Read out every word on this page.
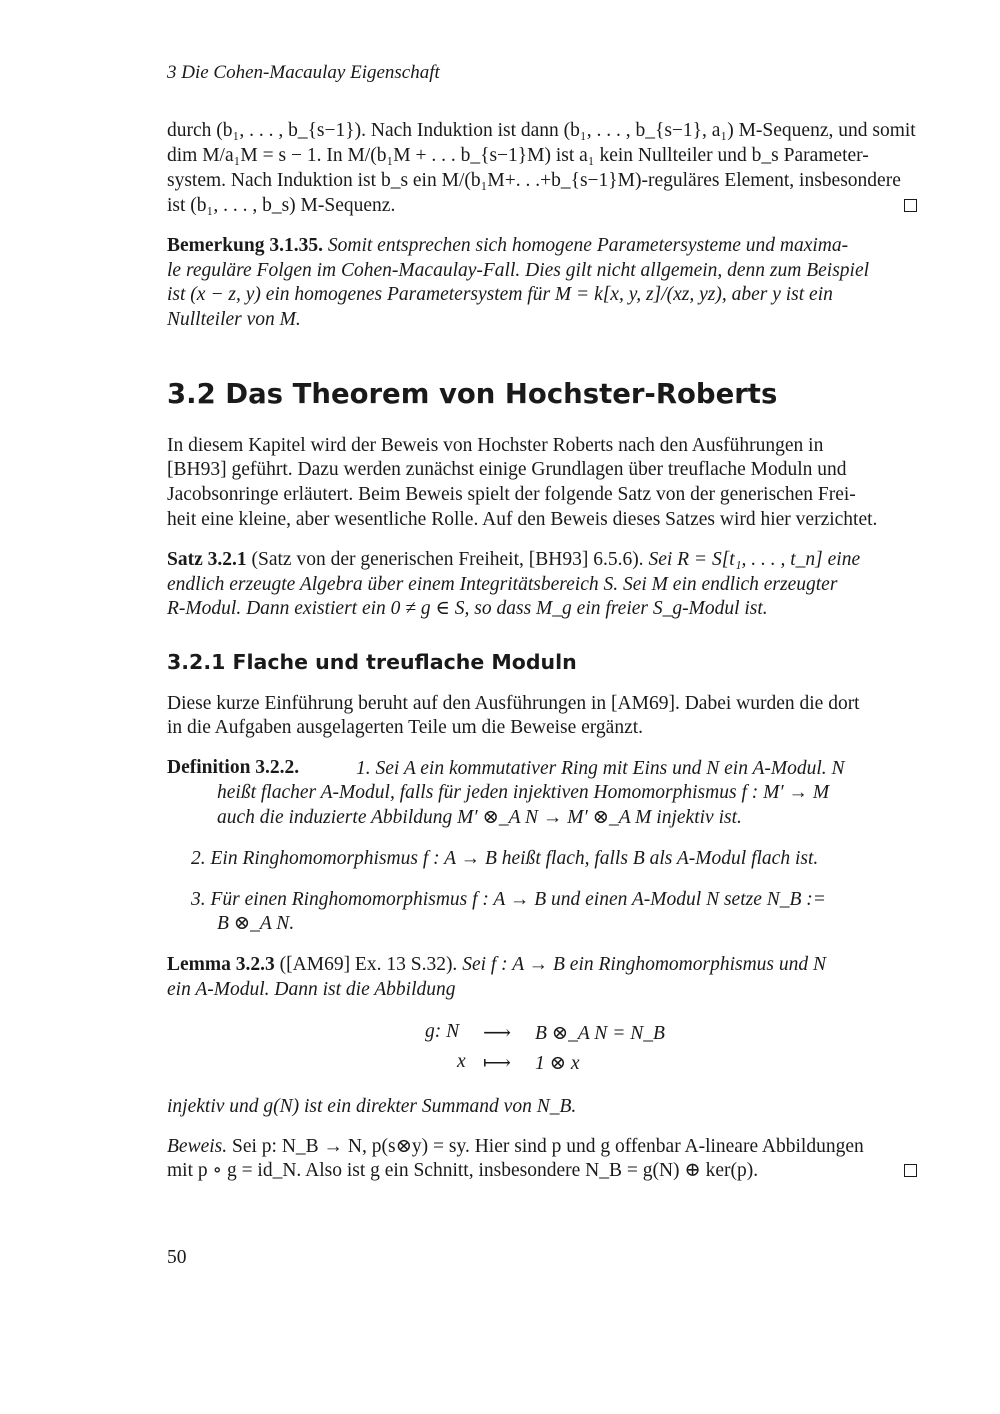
3 Die Cohen-Macaulay Eigenschaft
durch (b₁, . . . , b_{s−1}). Nach Induktion ist dann (b₁, . . . , b_{s−1}, a₁) M-Sequenz, und somit
dim M/a₁M = s − 1. In M/(b₁M + . . . b_{s−1}M) ist a₁ kein Nullteiler und b_s Parameter-
system. Nach Induktion ist b_s ein M/(b₁M+. . .+b_{s−1}M)-reguläres Element, insbesondere
ist (b₁, . . . , b_s) M-Sequenz.
Bemerkung 3.1.35. Somit entsprechen sich homogene Parametersysteme und maxima-
le reguläre Folgen im Cohen-Macaulay-Fall. Dies gilt nicht allgemein, denn zum Beispiel
ist (x − z, y) ein homogenes Parametersystem für M = k[x, y, z]/(xz, yz), aber y ist ein
Nullteiler von M.
3.2 Das Theorem von Hochster-Roberts
In diesem Kapitel wird der Beweis von Hochster Roberts nach den Ausführungen in
[BH93] geführt. Dazu werden zunächst einige Grundlagen über treuflache Moduln und
Jacobsonringe erläutert. Beim Beweis spielt der folgende Satz von der generischen Frei-
heit eine kleine, aber wesentliche Rolle. Auf den Beweis dieses Satzes wird hier verzichtet.
Satz 3.2.1 (Satz von der generischen Freiheit, [BH93] 6.5.6). Sei R = S[t₁, . . . , t_n] eine
endlich erzeugte Algebra über einem Integritätsbereich S. Sei M ein endlich erzeugter
R-Modul. Dann existiert ein 0 ≠ g ∈ S, so dass M_g ein freier S_g-Modul ist.
3.2.1 Flache und treuflache Moduln
Diese kurze Einführung beruht auf den Ausführungen in [AM69]. Dabei wurden die dort
in die Aufgaben ausgelagerten Teile um die Beweise ergänzt.
Definition 3.2.2.	1. Sei A ein kommutativer Ring mit Eins und N ein A-Modul. N
heißt flacher A-Modul, falls für jeden injektiven Homomorphismus f : M′ → M
auch die induzierte Abbildung M′ ⊗_A N → M′ ⊗_A M injektiv ist.
2. Ein Ringhomomorphismus f : A → B heißt flach, falls B als A-Modul flach ist.
3. Für einen Ringhomomorphismus f : A → B und einen A-Modul N setze N_B :=
B ⊗_A N.
Lemma 3.2.3 ([AM69] Ex. 13 S.32). Sei f : A → B ein Ringhomomorphismus und N
ein A-Modul. Dann ist die Abbildung
g: N ⟶ B ⊗_A N = N_B
x ⟼ 1 ⊗ x
injektiv und g(N) ist ein direkter Summand von N_B.
Beweis. Sei p: N_B → N, p(s⊗y) = sy. Hier sind p und g offenbar A-lineare Abbildungen
mit p ∘ g = id_N. Also ist g ein Schnitt, insbesondere N_B = g(N) ⊕ ker(p).
50
